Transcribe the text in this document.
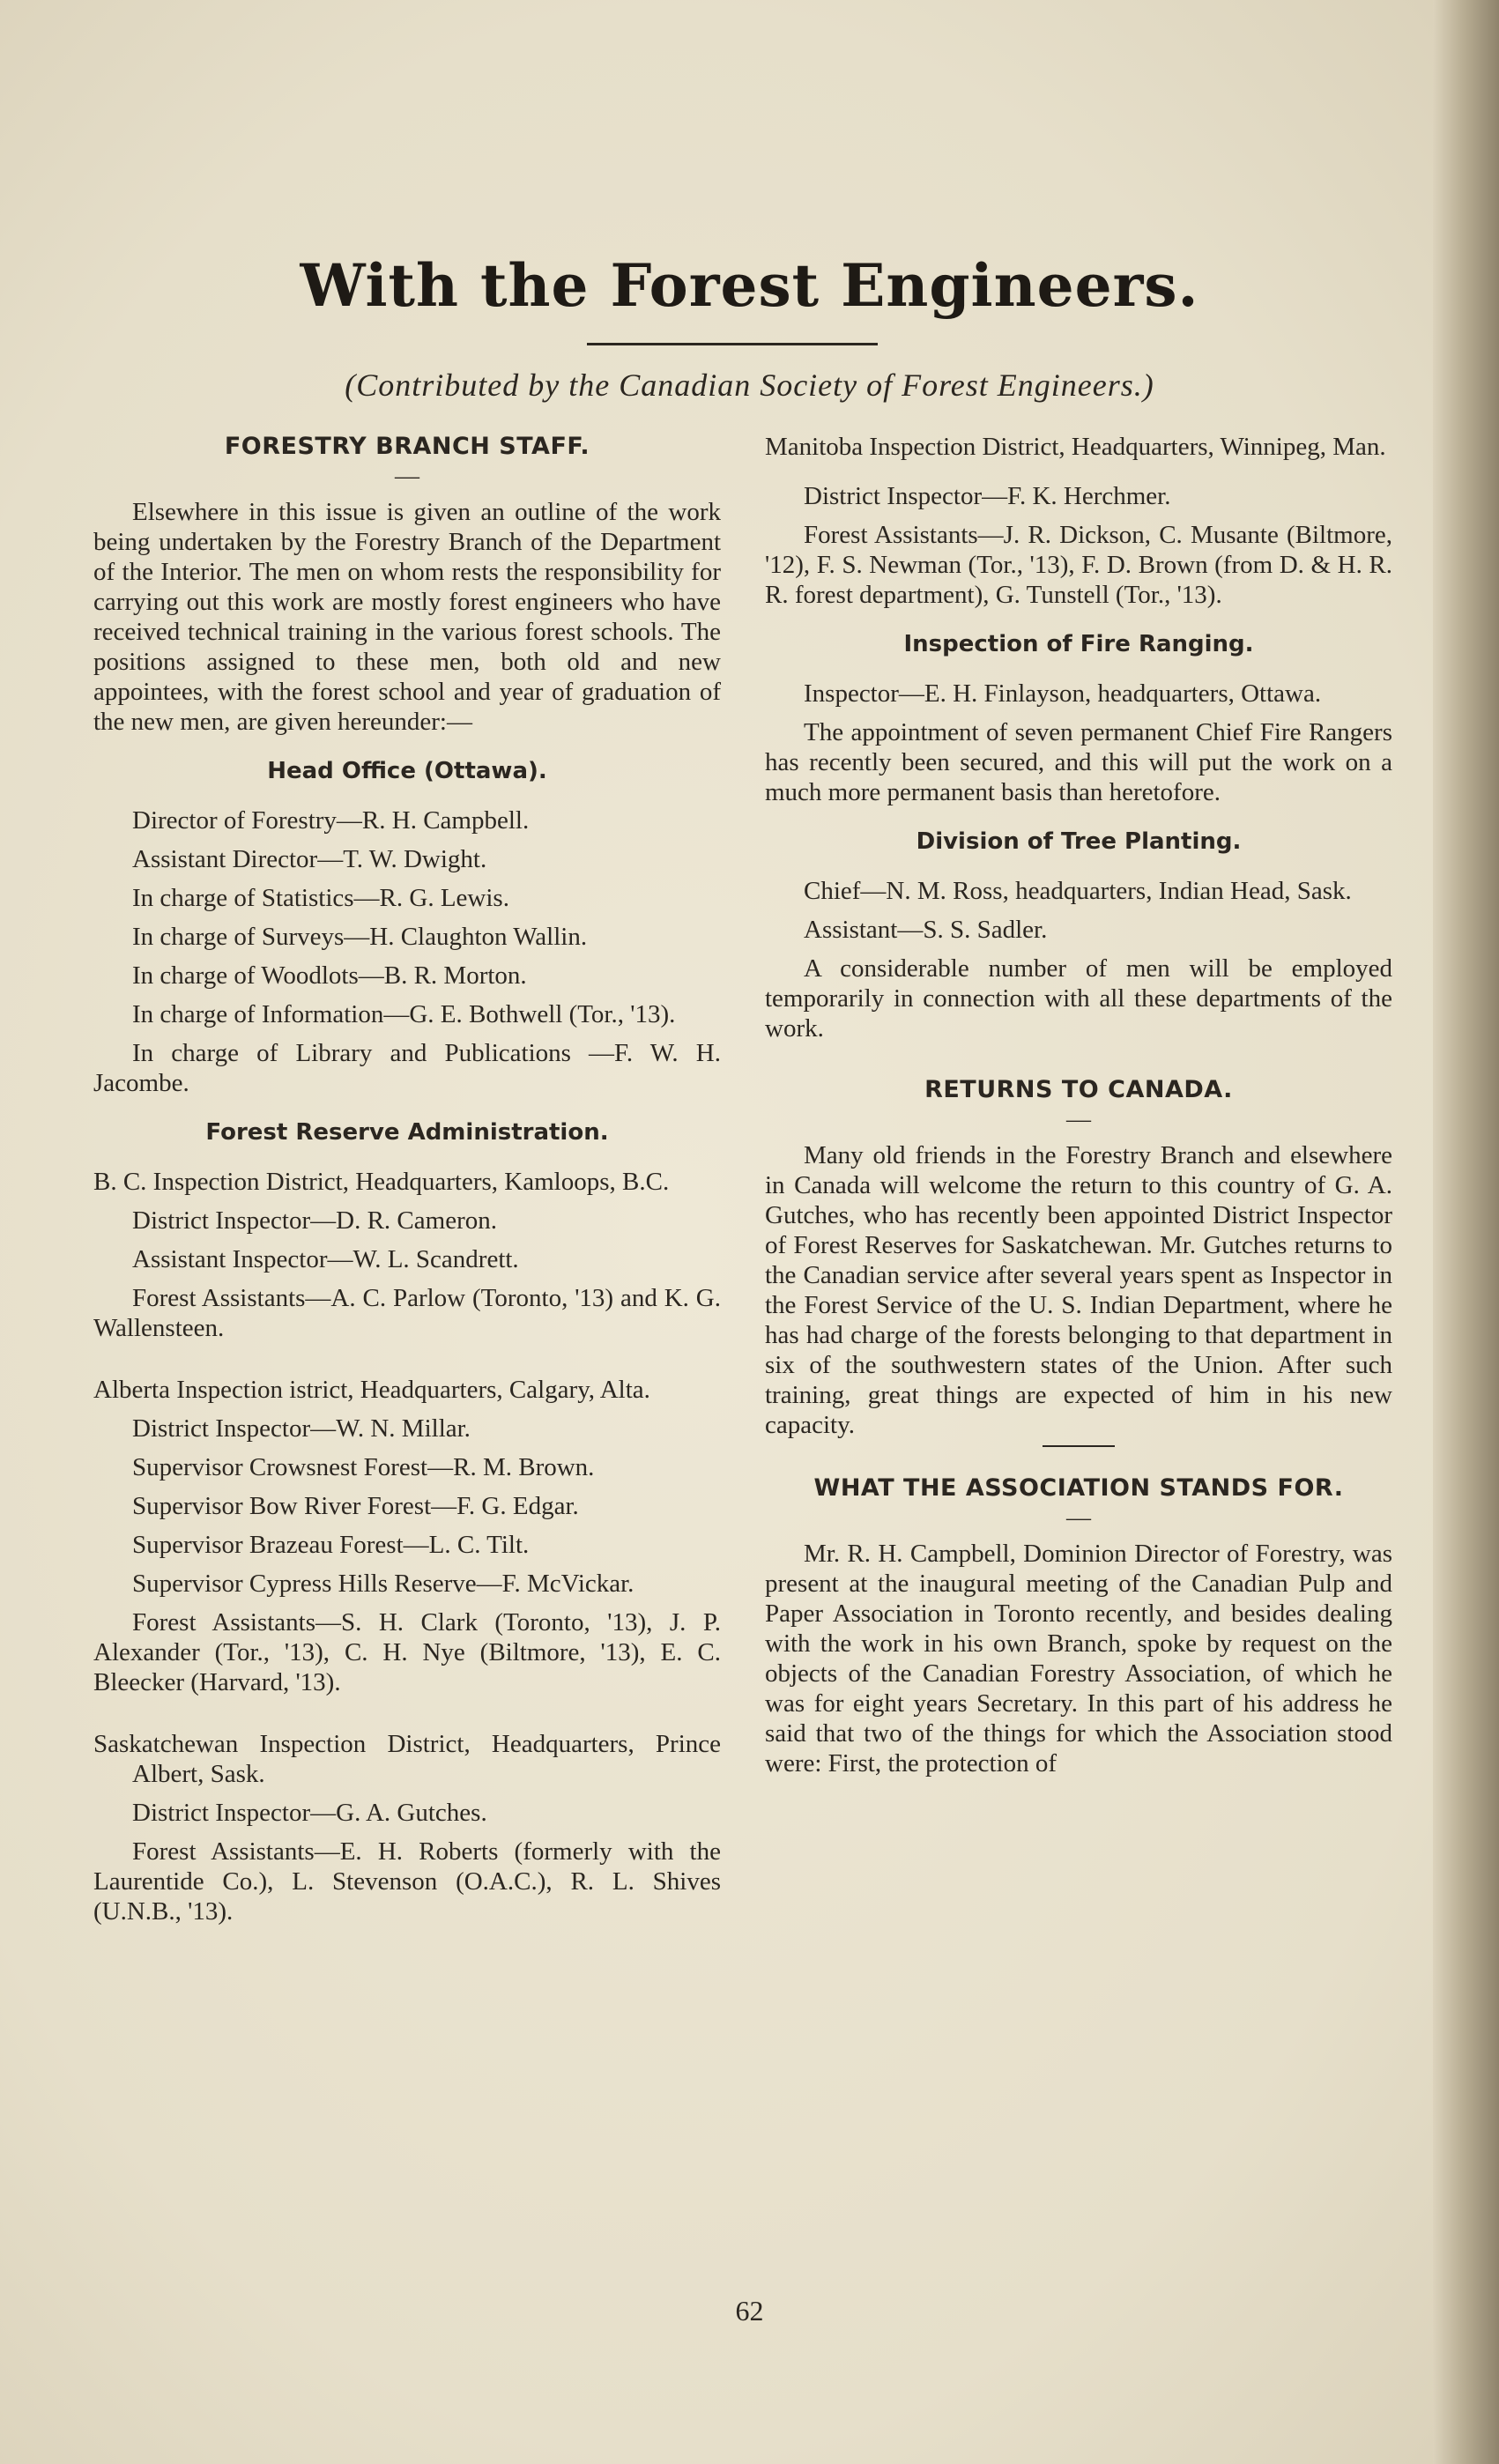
With the Forest Engineers.
(Contributed by the Canadian Society of Forest Engineers.)
FORESTRY BRANCH STAFF.
—

Elsewhere in this issue is given an outline of the work being undertaken by the Forestry Branch of the Department of the Interior. The men on whom rests the responsibility for carrying out this work are mostly forest engineers who have received technical training in the various forest schools. The positions assigned to these men, both old and new appointees, with the forest school and year of graduation of the new men, are given hereunder:—

Head Office (Ottawa).

Director of Forestry—R. H. Campbell.

Assistant Director—T. W. Dwight.

In charge of Statistics—R. G. Lewis.

In charge of Surveys—H. Claughton Wallin.

In charge of Woodlots—B. R. Morton.

In charge of Information—G. E. Bothwell (Tor., '13).

In charge of Library and Publications —F. W. H. Jacombe.

Forest Reserve Administration.

B. C. Inspection District, Headquarters, Kamloops, B.C.

District Inspector—D. R. Cameron.

Assistant Inspector—W. L. Scandrett.

Forest Assistants—A. C. Parlow (Toronto, '13) and K. G. Wallensteen.

Alberta Inspection istrict, Headquarters, Calgary, Alta.

District Inspector—W. N. Millar.

Supervisor Crowsnest Forest—R. M. Brown.

Supervisor Bow River Forest—F. G. Edgar.

Supervisor Brazeau Forest—L. C. Tilt.

Supervisor Cypress Hills Reserve—F. McVickar.

Forest Assistants—S. H. Clark (Toronto, '13), J. P. Alexander (Tor., '13), C. H. Nye (Biltmore, '13), E. C. Bleecker (Harvard, '13).

Saskatchewan Inspection District, Headquarters, Prince Albert, Sask.

District Inspector—G. A. Gutches.

Forest Assistants—E. H. Roberts (formerly with the Laurentide Co.), L. Stevenson (O.A.C.), R. L. Shives (U.N.B., '13).

Manitoba Inspection District, Headquarters, Winnipeg, Man.

District Inspector—F. K. Herchmer.

Forest Assistants—J. R. Dickson, C. Musante (Biltmore, '12), F. S. Newman (Tor., '13), F. D. Brown (from D. & H. R. R. forest department), G. Tunstell (Tor., '13).

Inspection of Fire Ranging.

Inspector—E. H. Finlayson, headquarters, Ottawa.

The appointment of seven permanent Chief Fire Rangers has recently been secured, and this will put the work on a much more permanent basis than heretofore.

Division of Tree Planting.

Chief—N. M. Ross, headquarters, Indian Head, Sask.

Assistant—S. S. Sadler.

A considerable number of men will be employed temporarily in connection with all these departments of the work.

RETURNS TO CANADA.
—

Many old friends in the Forestry Branch and elsewhere in Canada will welcome the return to this country of G. A. Gutches, who has recently been appointed District Inspector of Forest Reserves for Saskatchewan. Mr. Gutches returns to the Canadian service after several years spent as Inspector in the Forest Service of the U. S. Indian Department, where he has had charge of the forests belonging to that department in six of the southwestern states of the Union. After such training, great things are expected of him in his new capacity.

WHAT THE ASSOCIATION STANDS FOR.
—

Mr. R. H. Campbell, Dominion Director of Forestry, was present at the inaugural meeting of the Canadian Pulp and Paper Association in Toronto recently, and besides dealing with the work in his own Branch, spoke by request on the objects of the Canadian Forestry Association, of which he was for eight years Secretary. In this part of his address he said that two of the things for which the Association stood were: First, the protection of

62
